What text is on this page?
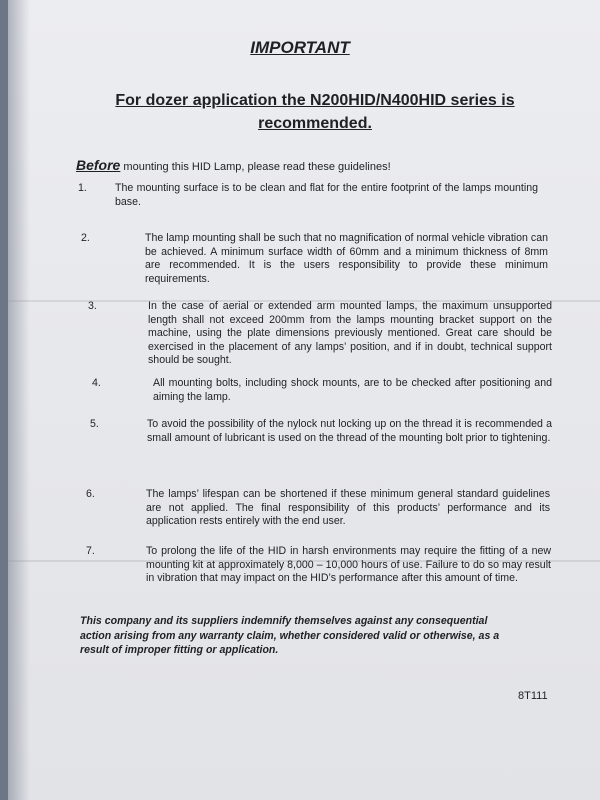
IMPORTANT
For dozer application the N200HID/N400HID series is recommended.
Before mounting this HID Lamp, please read these guidelines!
1.	The mounting surface is to be clean and flat for the entire footprint of the lamps mounting base.
2.	The lamp mounting shall be such that no magnification of normal vehicle vibration can be achieved. A minimum surface width of 60mm and a minimum thickness of 8mm are recommended. It is the users responsibility to provide these minimum requirements.
3.	In the case of aerial or extended arm mounted lamps, the maximum unsupported length shall not exceed 200mm from the lamps mounting bracket support on the machine, using the plate dimensions previously mentioned. Great care should be exercised in the placement of any lamps’ position, and if in doubt, technical support should be sought.
4.	All mounting bolts, including shock mounts, are to be checked after positioning and aiming the lamp.
5.	To avoid the possibility of the nylock nut locking up on the thread it is recommended a small amount of lubricant is used on the thread of the mounting bolt prior to tightening.
6.	The lamps’ lifespan can be shortened if these minimum general standard guidelines are not applied. The final responsibility of this products’ performance and its application rests entirely with the end user.
7.	To prolong the life of the HID in harsh environments may require the fitting of a new mounting kit at approximately 8,000 – 10,000 hours of use. Failure to do so may result in vibration that may impact on the HID’s performance after this amount of time.
This company and its suppliers indemnify themselves against any consequential action arising from any warranty claim, whether considered valid or otherwise, as a result of improper fitting or application.
8T111
